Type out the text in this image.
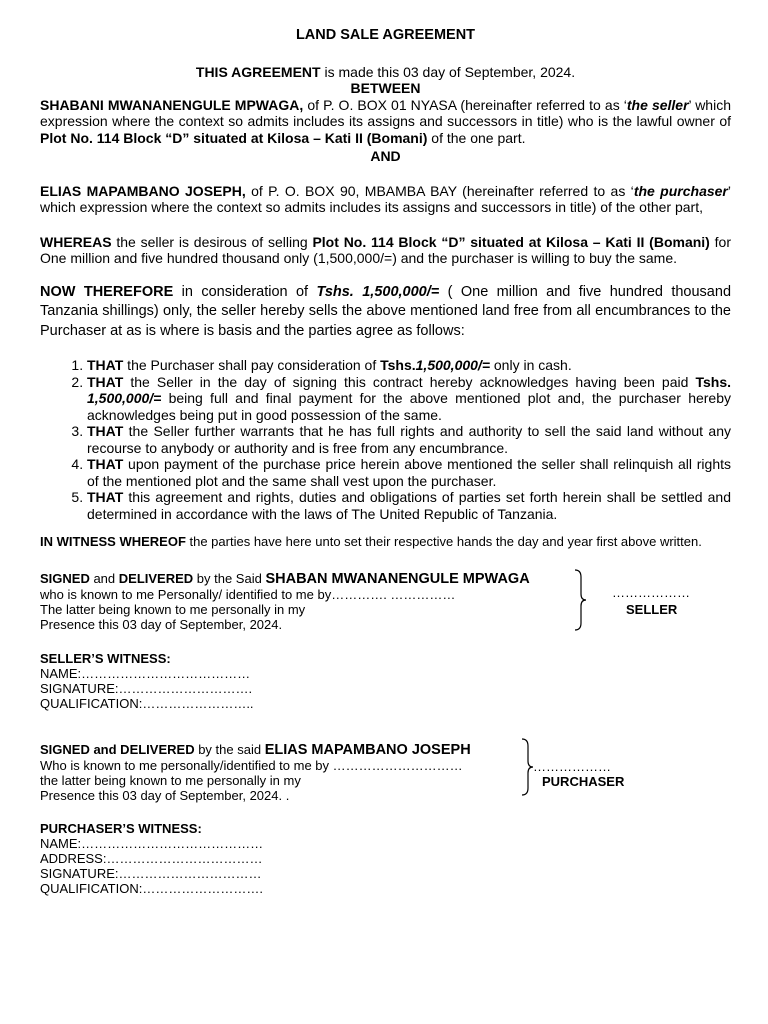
LAND SALE AGREEMENT

THIS AGREEMENT is made this 03 day of September, 2024.

BETWEEN

SHABANI MWANANENGULE MPWAGA, of P. O. BOX 01 NYASA (hereinafter referred to as ‘the seller’ which expression where the context so admits includes its assigns and successors in title) who is the lawful owner of Plot No. 114 Block “D” situated at Kilosa – Kati II (Bomani) of the one part.

AND

ELIAS MAPAMBANO JOSEPH, of P. O. BOX 90, MBAMBA BAY (hereinafter referred to as ‘the purchaser’ which expression where the context so admits includes its assigns and successors in title) of the other part,

WHEREAS the seller is desirous of selling Plot No. 114 Block “D” situated at Kilosa – Kati II (Bomani) for One million and five hundred thousand only (1,500,000/=) and the purchaser is willing to buy the same.

NOW THEREFORE in consideration of Tshs. 1,500,000/= ( One million and five hundred thousand Tanzania shillings) only, the seller hereby sells the above mentioned land free from all encumbrances to the Purchaser at as is where is basis and the parties agree as follows:

1. THAT the Purchaser shall pay consideration of Tshs.1,500,000/= only in cash.
2. THAT the Seller in the day of signing this contract hereby acknowledges having been paid Tshs. 1,500,000/= being full and final payment for the above mentioned plot and, the purchaser hereby acknowledges being put in good possession of the same.
3. THAT the Seller further warrants that he has full rights and authority to sell the said land without any recourse to anybody or authority and is free from any encumbrance.
4. THAT upon payment of the purchase price herein above mentioned the seller shall relinquish all rights of the mentioned plot and the same shall vest upon the purchaser.
5. THAT this agreement and rights, duties and obligations of parties set forth herein shall be settled and determined in accordance with the laws of The United Republic of Tanzania.

IN WITNESS WHEREOF the parties have here unto set their respective hands the day and year first above written.

SIGNED and DELIVERED by the Said SHABAN MWANANENGULE MPWAGA
who is known to me Personally/ identified to me by…………. ……………
The latter being known to me personally in my
Presence this 03 day of September, 2024.
………………
SELLER
SELLER’S WITNESS:
NAME:…………………………………
SIGNATURE:………………………….
QUALIFICATION:……………………..
SIGNED and DELIVERED by the said ELIAS MAPAMBANO JOSEPH
Who is known to me personally/identified to me by …………………………
the latter being known to me personally in my
Presence this 03 day of September, 2024. .
………………
PURCHASER
PURCHASER’S WITNESS:
NAME:……………………………………
ADDRESS:………………………………
SIGNATURE:……………………………
QUALIFICATION:……………………….
